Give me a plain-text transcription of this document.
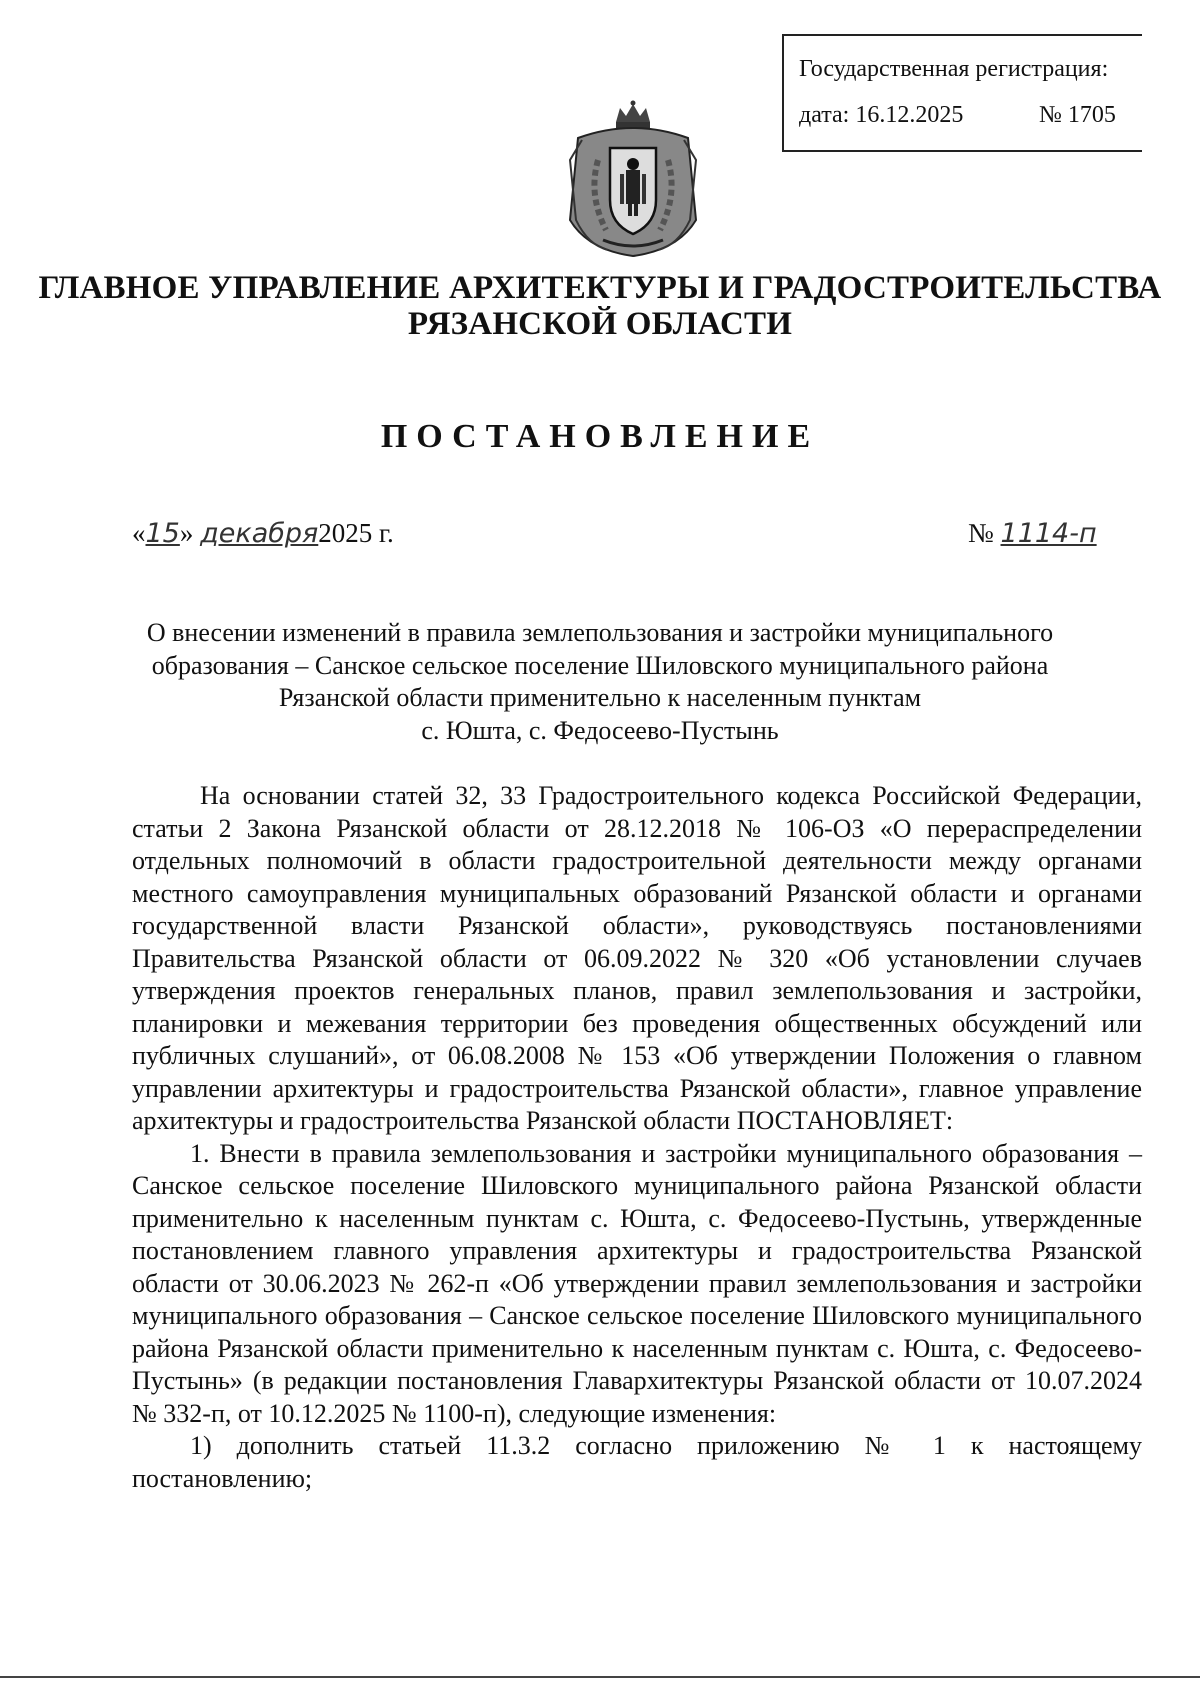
Государственная регистрация:
дата: 16.12.2025	№ 1705
ГЛАВНОЕ УПРАВЛЕНИЕ АРХИТЕКТУРЫ И ГРАДОСТРОИТЕЛЬСТВА
РЯЗАНСКОЙ ОБЛАСТИ
ПОСТАНОВЛЕНИЕ
«15» декабря2025 г.	№ 1114-п
О внесении изменений в правила землепользования и застройки муниципального
образования – Санское сельское поселение Шиловского муниципального района
Рязанской области применительно к населенным пунктам
с. Юшта, с. Федосеево-Пустынь

На основании статей 32, 33 Градостроительного кодекса Российской Федерации, статьи 2 Закона Рязанской области от 28.12.2018 № 106-ОЗ «О перераспределении отдельных полномочий в области градостроительной деятельности между органами местного самоуправления муниципальных образований Рязанской области и органами государственной власти Рязанской области», руководствуясь постановлениями Правительства Рязанской области от 06.09.2022 № 320 «Об установлении случаев утверждения проектов генеральных планов, правил землепользования и застройки, планировки и межевания территории без проведения общественных обсуждений или публичных слушаний», от 06.08.2008 № 153 «Об утверждении Положения о главном управлении архитектуры и градостроительства Рязанской области», главное управление архитектуры и градостроительства Рязанской области ПОСТАНОВЛЯЕТ:

1. Внести в правила землепользования и застройки муниципального образования – Санское сельское поселение Шиловского муниципального района Рязанской области применительно к населенным пунктам с. Юшта, с. Федосеево-Пустынь, утвержденные постановлением главного управления архитектуры и градостроительства Рязанской области от 30.06.2023 № 262-п «Об утверждении правил землепользования и застройки муниципального образования – Санское сельское поселение Шиловского муниципального района Рязанской области применительно к населенным пунктам с. Юшта, с. Федосеево-Пустынь» (в редакции постановления Главархитектуры Рязанской области от 10.07.2024 № 332-п, от 10.12.2025 № 1100-п), следующие изменения:

1) дополнить статьей 11.3.2 согласно приложению № 1 к настоящему постановлению;
